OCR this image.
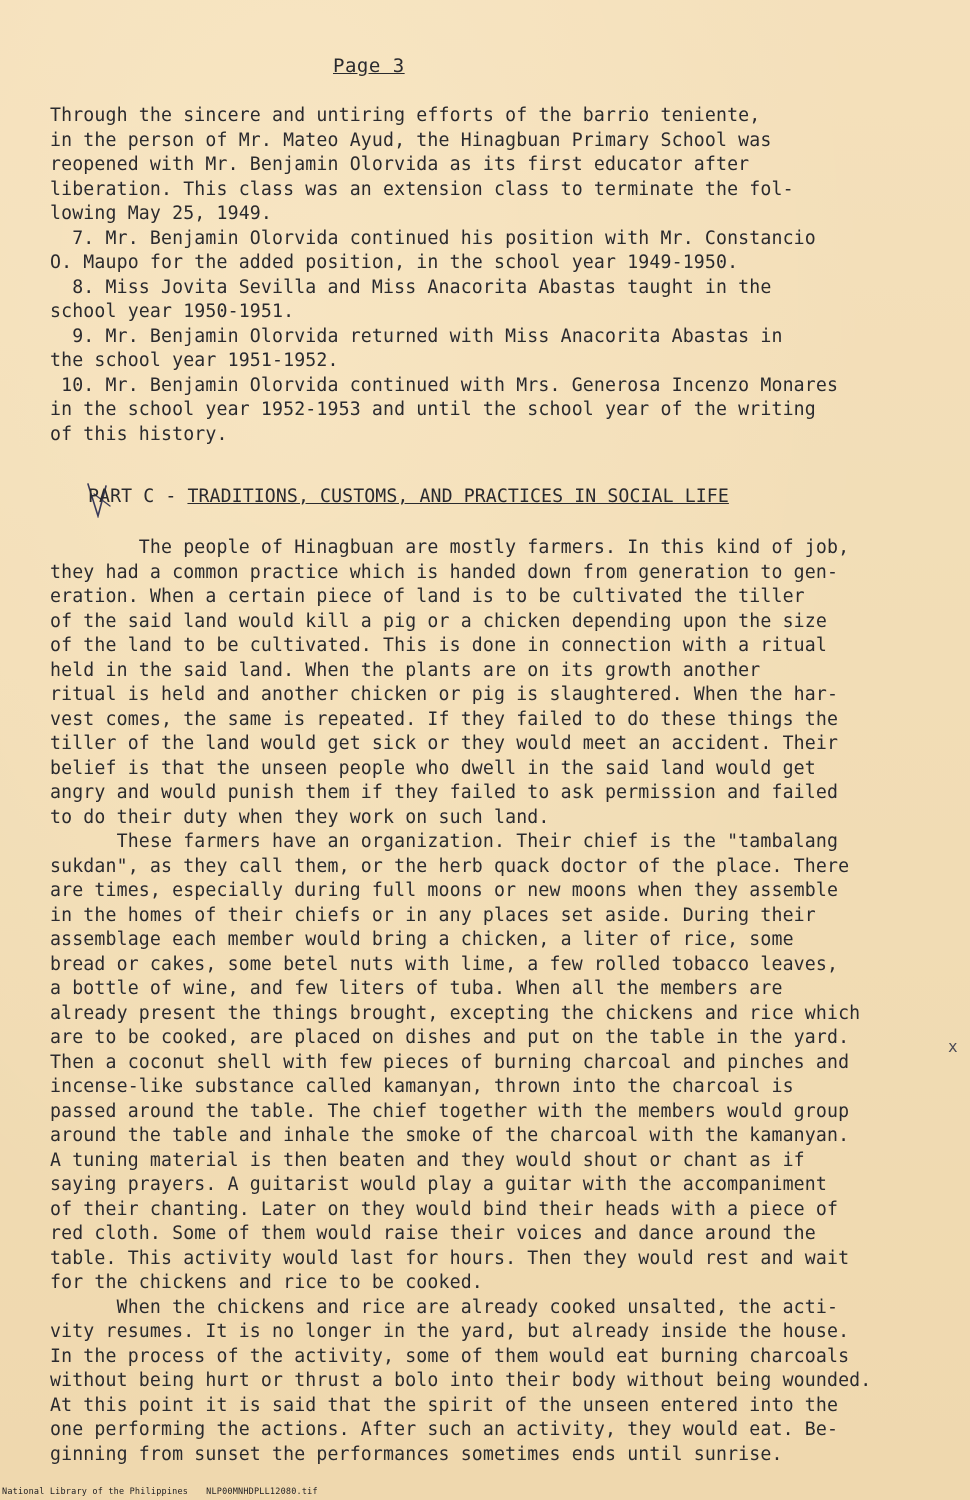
Page 3
Through the sincere and untiring efforts of the barrio teniente,
in the person of Mr. Mateo Ayud, the Hinagbuan Primary School was
reopened with Mr. Benjamin Olorvida as its first educator after
liberation. This class was an extension class to terminate the fol-
lowing May 25, 1949.
7. Mr. Benjamin Olorvida continued his position with Mr. Constancio
O. Maupo for the added position, in the school year 1949-1950.
8. Miss Jovita Sevilla and Miss Anacorita Abastas taught in the
school year 1950-1951.
9. Mr. Benjamin Olorvida returned with Miss Anacorita Abastas in
the school year 1951-1952.
10. Mr. Benjamin Olorvida continued with Mrs. Generosa Incenzo Monares
in the school year 1952-1953 and until the school year of the writing
of this history.
PART C - TRADITIONS, CUSTOMS, AND PRACTICES IN SOCIAL LIFE
The people of Hinagbuan are mostly farmers. In this kind of job,
they had a common practice which is handed down from generation to gen-
eration. When a certain piece of land is to be cultivated the tiller
of the said land would kill a pig or a chicken depending upon the size
of the land to be cultivated. This is done in connection with a ritual
held in the said land. When the plants are on its growth another
ritual is held and another chicken or pig is slaughtered. When the har-
vest comes, the same is repeated. If they failed to do these things the
tiller of the land would get sick or they would meet an accident. Their
belief is that the unseen people who dwell in the said land would get
angry and would punish them if they failed to ask permission and failed
to do their duty when they work on such land.
These farmers have an organization. Their chief is the "tambalang
sukdan", as they call them, or the herb quack doctor of the place. There
are times, especially during full moons or new moons when they assemble
in the homes of their chiefs or in any places set aside. During their
assemblage each member would bring a chicken, a liter of rice, some
bread or cakes, some betel nuts with lime, a few rolled tobacco leaves,
a bottle of wine, and few liters of tuba. When all the members are
already present the things brought, excepting the chickens and rice which
are to be cooked, are placed on dishes and put on the table in the yard.
Then a coconut shell with few pieces of burning charcoal and pinches and
incense-like substance called kamanyan, thrown into the charcoal is
passed around the table. The chief together with the members would group
around the table and inhale the smoke of the charcoal with the kamanyan.
A tuning material is then beaten and they would shout or chant as if
saying prayers. A guitarist would play a guitar with the accompaniment
of their chanting. Later on they would bind their heads with a piece of
red cloth. Some of them would raise their voices and dance around the
table. This activity would last for hours. Then they would rest and wait
for the chickens and rice to be cooked.
When the chickens and rice are already cooked unsalted, the acti-
vity resumes. It is no longer in the yard, but already inside the house.
In the process of the activity, some of them would eat burning charcoals
without being hurt or thrust a bolo into their body without being wounded.
At this point it is said that the spirit of the unseen entered into the
one performing the actions. After such an activity, they would eat. Be-
ginning from sunset the performances sometimes ends until sunrise.
x
National Library of the Philippines NLP00MNHDPLL12080.tif
